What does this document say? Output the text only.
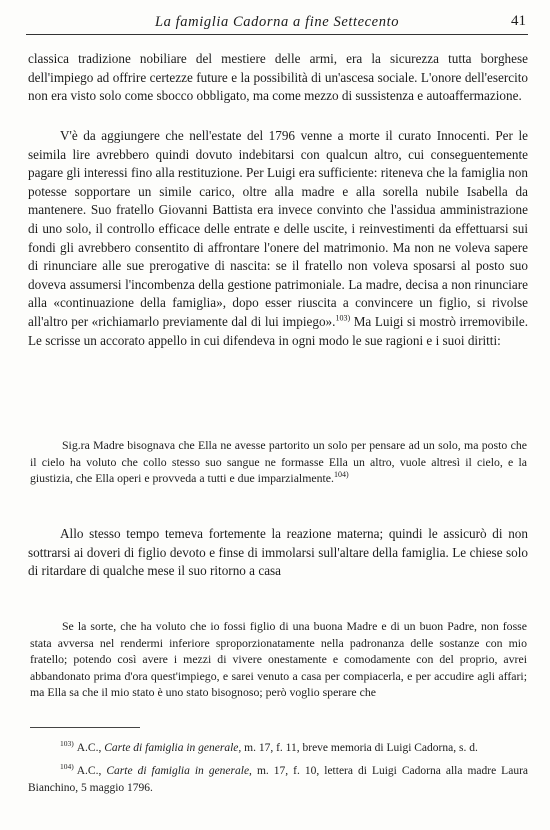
La famiglia Cadorna a fine Settecento	41

classica tradizione nobiliare del mestiere delle armi, era la sicurezza tutta borghese dell'impiego ad offrire certezze future e la possibilità di un'ascesa sociale. L'onore dell'esercito non era visto solo come sbocco obbligato, ma come mezzo di sussistenza e autoaffermazione.

V'è da aggiungere che nell'estate del 1796 venne a morte il curato Innocenti. Per le seimila lire avrebbero quindi dovuto indebitarsi con qualcun altro, cui conseguentemente pagare gli interessi fino alla restituzione. Per Luigi era sufficiente: riteneva che la famiglia non potesse sopportare un simile carico, oltre alla madre e alla sorella nubile Isabella da mantenere. Suo fratello Giovanni Battista era invece convinto che l'assidua amministrazione di uno solo, il controllo efficace delle entrate e delle uscite, i reinvestimenti da effettuarsi sui fondi gli avrebbero consentito di affrontare l'onere del matrimonio. Ma non ne voleva sapere di rinunciare alle sue prerogative di nascita: se il fratello non voleva sposarsi al posto suo doveva assumersi l'incombenza della gestione patrimoniale. La madre, decisa a non rinunciare alla «continuazione della famiglia», dopo esser riuscita a convincere un figlio, si rivolse all'altro per «richiamarlo previamente dal di lui impiego».$^{103)}$ Ma Luigi si mostrò irremovibile. Le scrisse un accorato appello in cui difendeva in ogni modo le sue ragioni e i suoi diritti:

Sig.ra Madre bisognava che Ella ne avesse partorito un solo per pensare ad un solo, ma posto che il cielo ha voluto che collo stesso suo sangue ne formasse Ella un altro, vuole altresì il cielo, e la giustizia, che Ella operi e provveda a tutti e due imparzialmente.$^{104)}$

Allo stesso tempo temeva fortemente la reazione materna; quindi le assicurò di non sottrarsi ai doveri di figlio devoto e finse di immolarsi sull'altare della famiglia. Le chiese solo di ritardare di qualche mese il suo ritorno a casa

Se la sorte, che ha voluto che io fossi figlio di una buona Madre e di un buon Padre, non fosse stata avversa nel rendermi inferiore sproporzionatamente nella padronanza delle sostanze con mio fratello; potendo così avere i mezzi di vivere onestamente e comodamente con del proprio, avrei abbandonato prima d'ora quest'impiego, e sarei venuto a casa per compiacerla, e per accudire agli affari; ma Ella sa che il mio stato è uno stato bisognoso; però voglio sperare che

$^{103)}$ A.C., Carte di famiglia in generale, m. 17, f. 11, breve memoria di Luigi Cadorna, s. d.

$^{104)}$ A.C., Carte di famiglia in generale, m. 17, f. 10, lettera di Luigi Cadorna alla madre Laura Bianchino, 5 maggio 1796.
